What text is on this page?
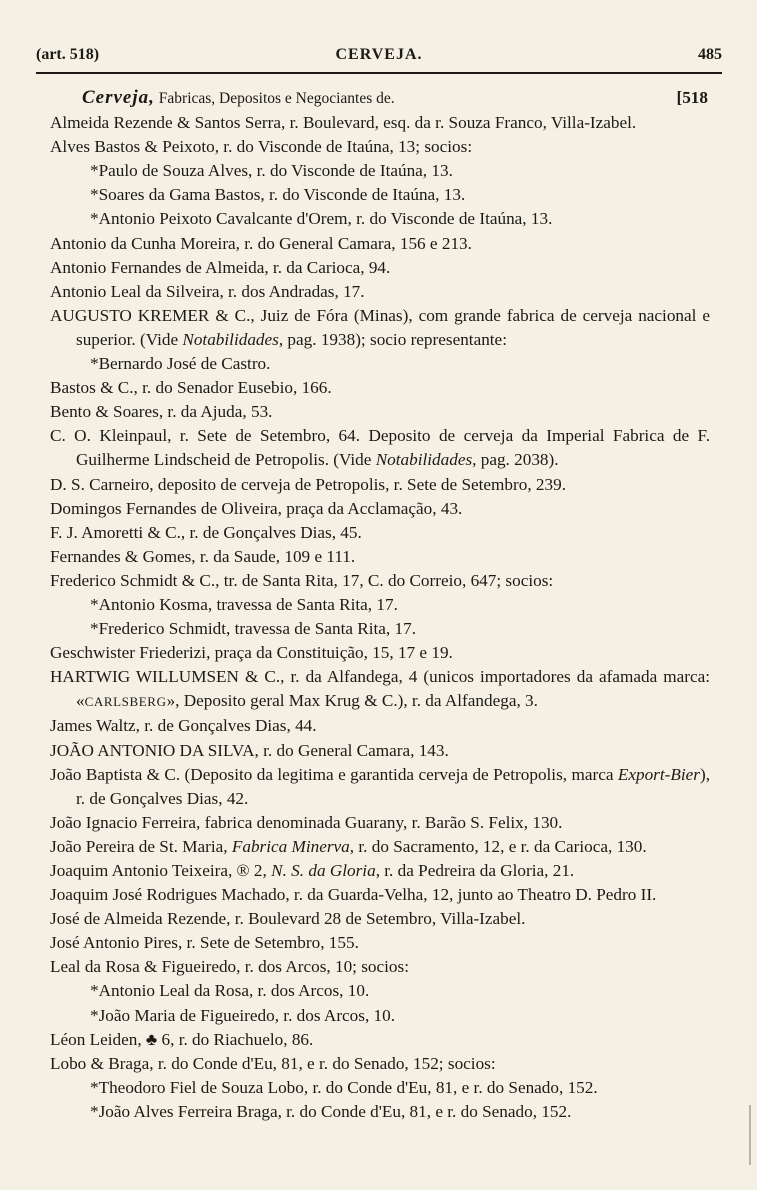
(art. 518)	CERVEJA.	485
Cerveja, Fabricas, Depositos e Negociantes de.	[518
Almeida Rezende & Santos Serra, r. Boulevard, esq. da r. Souza Franco, Villa-Izabel.
Alves Bastos & Peixoto, r. do Visconde de Itaúna, 13; socios:
*Paulo de Souza Alves, r. do Visconde de Itaúna, 13.
*Soares da Gama Bastos, r. do Visconde de Itaúna, 13.
*Antonio Peixoto Cavalcante d'Orem, r. do Visconde de Itaúna, 13.
Antonio da Cunha Moreira, r. do General Camara, 156 e 213.
Antonio Fernandes de Almeida, r. da Carioca, 94.
Antonio Leal da Silveira, r. dos Andradas, 17.
AUGUSTO KREMER & C., Juiz de Fóra (Minas), com grande fabrica de cerveja nacional e superior. (Vide Notabilidades, pag. 1938); socio representante:
*Bernardo José de Castro.
Bastos & C., r. do Senador Eusebio, 166.
Bento & Soares, r. da Ajuda, 53.
C. O. Kleinpaul, r. Sete de Setembro, 64. Deposito de cerveja da Imperial Fabrica de F. Guilherme Lindscheid de Petropolis. (Vide Notabilidades, pag. 2038).
D. S. Carneiro, deposito de cerveja de Petropolis, r. Sete de Setembro, 239.
Domingos Fernandes de Oliveira, praça da Acclamação, 43.
F. J. Amoretti & C., r. de Gonçalves Dias, 45.
Fernandes & Gomes, r. da Saude, 109 e 111.
Frederico Schmidt & C., tr. de Santa Rita, 17, C. do Correio, 647; socios:
*Antonio Kosma, travessa de Santa Rita, 17.
*Frederico Schmidt, travessa de Santa Rita, 17.
Geschwister Friederizi, praça da Constituição, 15, 17 e 19.
HARTWIG WILLUMSEN & C., r. da Alfandega, 4 (unicos importadores da afamada marca: «CARLSBERG», Deposito geral Max Krug & C.), r. da Alfandega, 3.
James Waltz, r. de Gonçalves Dias, 44.
JOÃO ANTONIO DA SILVA, r. do General Camara, 143.
João Baptista & C. (Deposito da legitima e garantida cerveja de Petropolis, marca Export-Bier), r. de Gonçalves Dias, 42.
João Ignacio Ferreira, fabrica denominada Guarany, r. Barão S. Felix, 130.
João Pereira de St. Maria, Fabrica Minerva, r. do Sacramento, 12, e r. da Carioca, 130.
Joaquim Antonio Teixeira, ® 2, N. S. da Gloria, r. da Pedreira da Gloria, 21.
Joaquim José Rodrigues Machado, r. da Guarda-Velha, 12, junto ao Theatro D. Pedro II.
José de Almeida Rezende, r. Boulevard 28 de Setembro, Villa-Izabel.
José Antonio Pires, r. Sete de Setembro, 155.
Leal da Rosa & Figueiredo, r. dos Arcos, 10; socios:
*Antonio Leal da Rosa, r. dos Arcos, 10.
*João Maria de Figueiredo, r. dos Arcos, 10.
Léon Leiden, ♣ 6, r. do Riachuelo, 86.
Lobo & Braga, r. do Conde d'Eu, 81, e r. do Senado, 152; socios:
*Theodoro Fiel de Souza Lobo, r. do Conde d'Eu, 81, e r. do Senado, 152.
*João Alves Ferreira Braga, r. do Conde d'Eu, 81, e r. do Senado, 152.
